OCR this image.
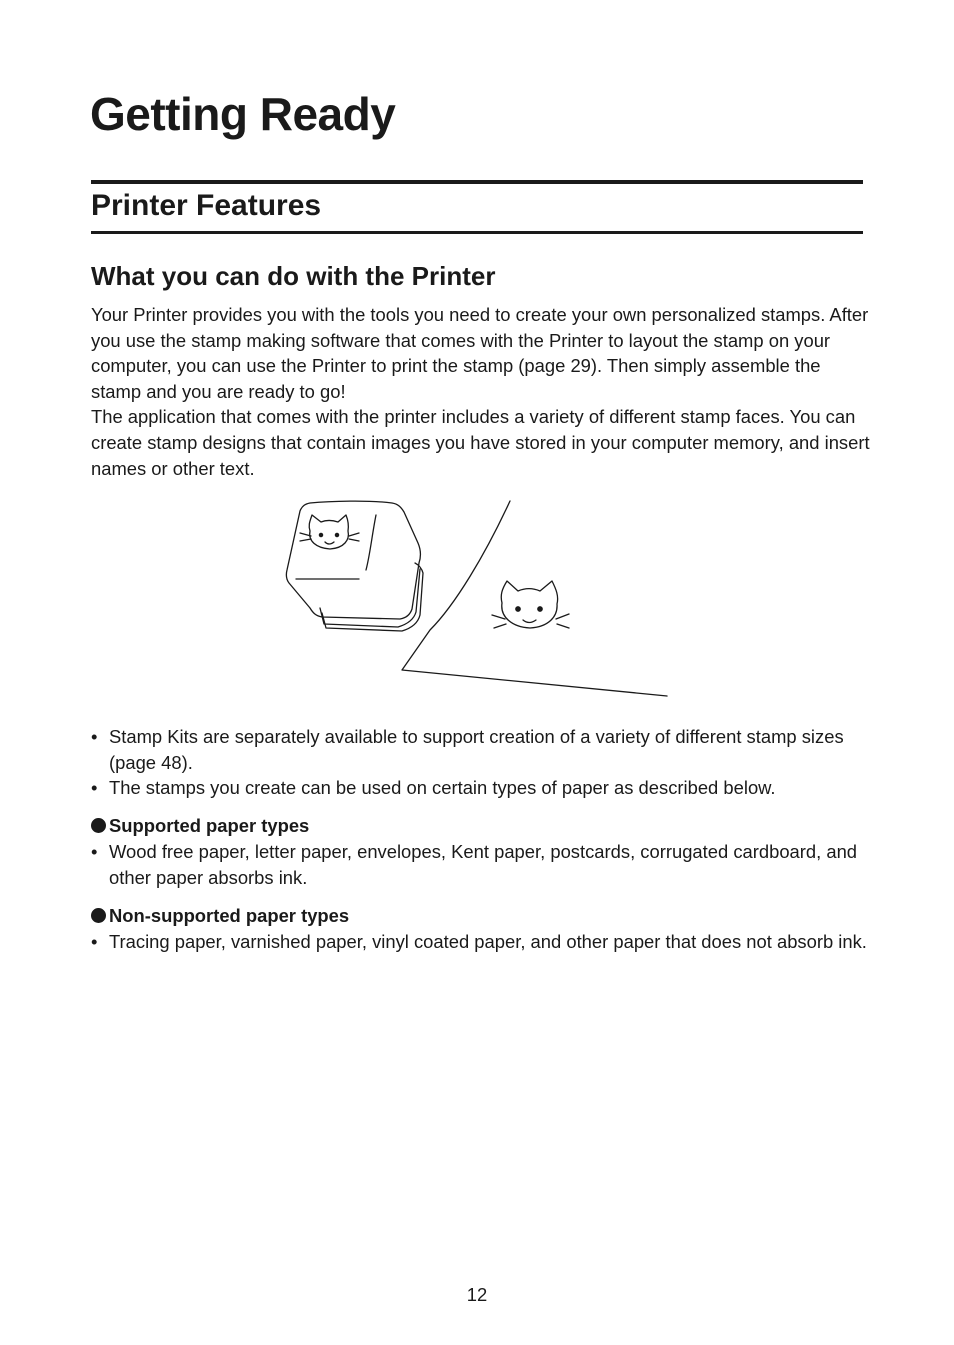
Getting Ready
Printer Features
What you can do with the Printer

Your Printer provides you with the tools you need to create your own personalized stamps. After you use the stamp making software that comes with the Printer to layout the stamp on your computer, you can use the Printer to print the stamp (page 29). Then simply assemble the stamp and you are ready to go!

The application that comes with the printer includes a variety of different stamp faces. You can create stamp designs that contain images you have stored in your computer memory, and insert names or other text.

• Stamp Kits are separately available to support creation of a variety of different stamp sizes (page 48).
• The stamps you create can be used on certain types of paper as described below.
Supported paper types
• Wood free paper, letter paper, envelopes, Kent paper, postcards, corrugated cardboard, and other paper absorbs ink.
Non-supported paper types
• Tracing paper, varnished paper, vinyl coated paper, and other paper that does not absorb ink.
12
